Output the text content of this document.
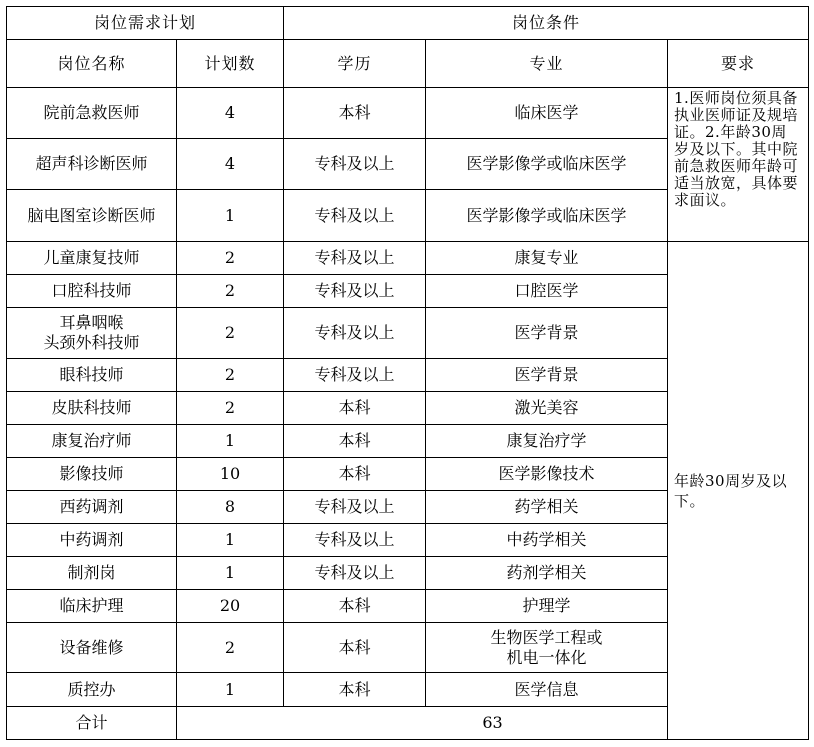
岗位需求计划		岗位条件		
岗位名称	计划数	学历	专业	要求
院前急救医师	4	本科	临床医学	1.医师岗位须具备执业医师证及规培证。2.年龄30周岁及以下。其中院前急救医师年龄可适当放宽，具体要求面议。
超声科诊断医师	4	专科及以上	医学影像学或临床医学	
脑电图室诊断医师	1	专科及以上	医学影像学或临床医学	
儿童康复技师	2	专科及以上	康复专业	年龄30周岁及以下。
口腔科技师	2	专科及以上	口腔医学	

耳鼻咽喉
头颈外科技师	2	专科及以上	医学背景	
眼科技师	2	专科及以上	医学背景	
皮肤科技师	2	本科	激光美容	
康复治疗师	1	本科	康复治疗学	
影像技师	10	本科	医学影像技术	
西药调剂	8	专科及以上	药学相关	
中药调剂	1	专科及以上	中药学相关	
制剂岗	1	专科及以上	药剂学相关	
临床护理	20	本科	护理学	
设备维修	2	本科	生物医学工程或
机电一体化	

质控办	1	本科	医学信息	
合计	63			
